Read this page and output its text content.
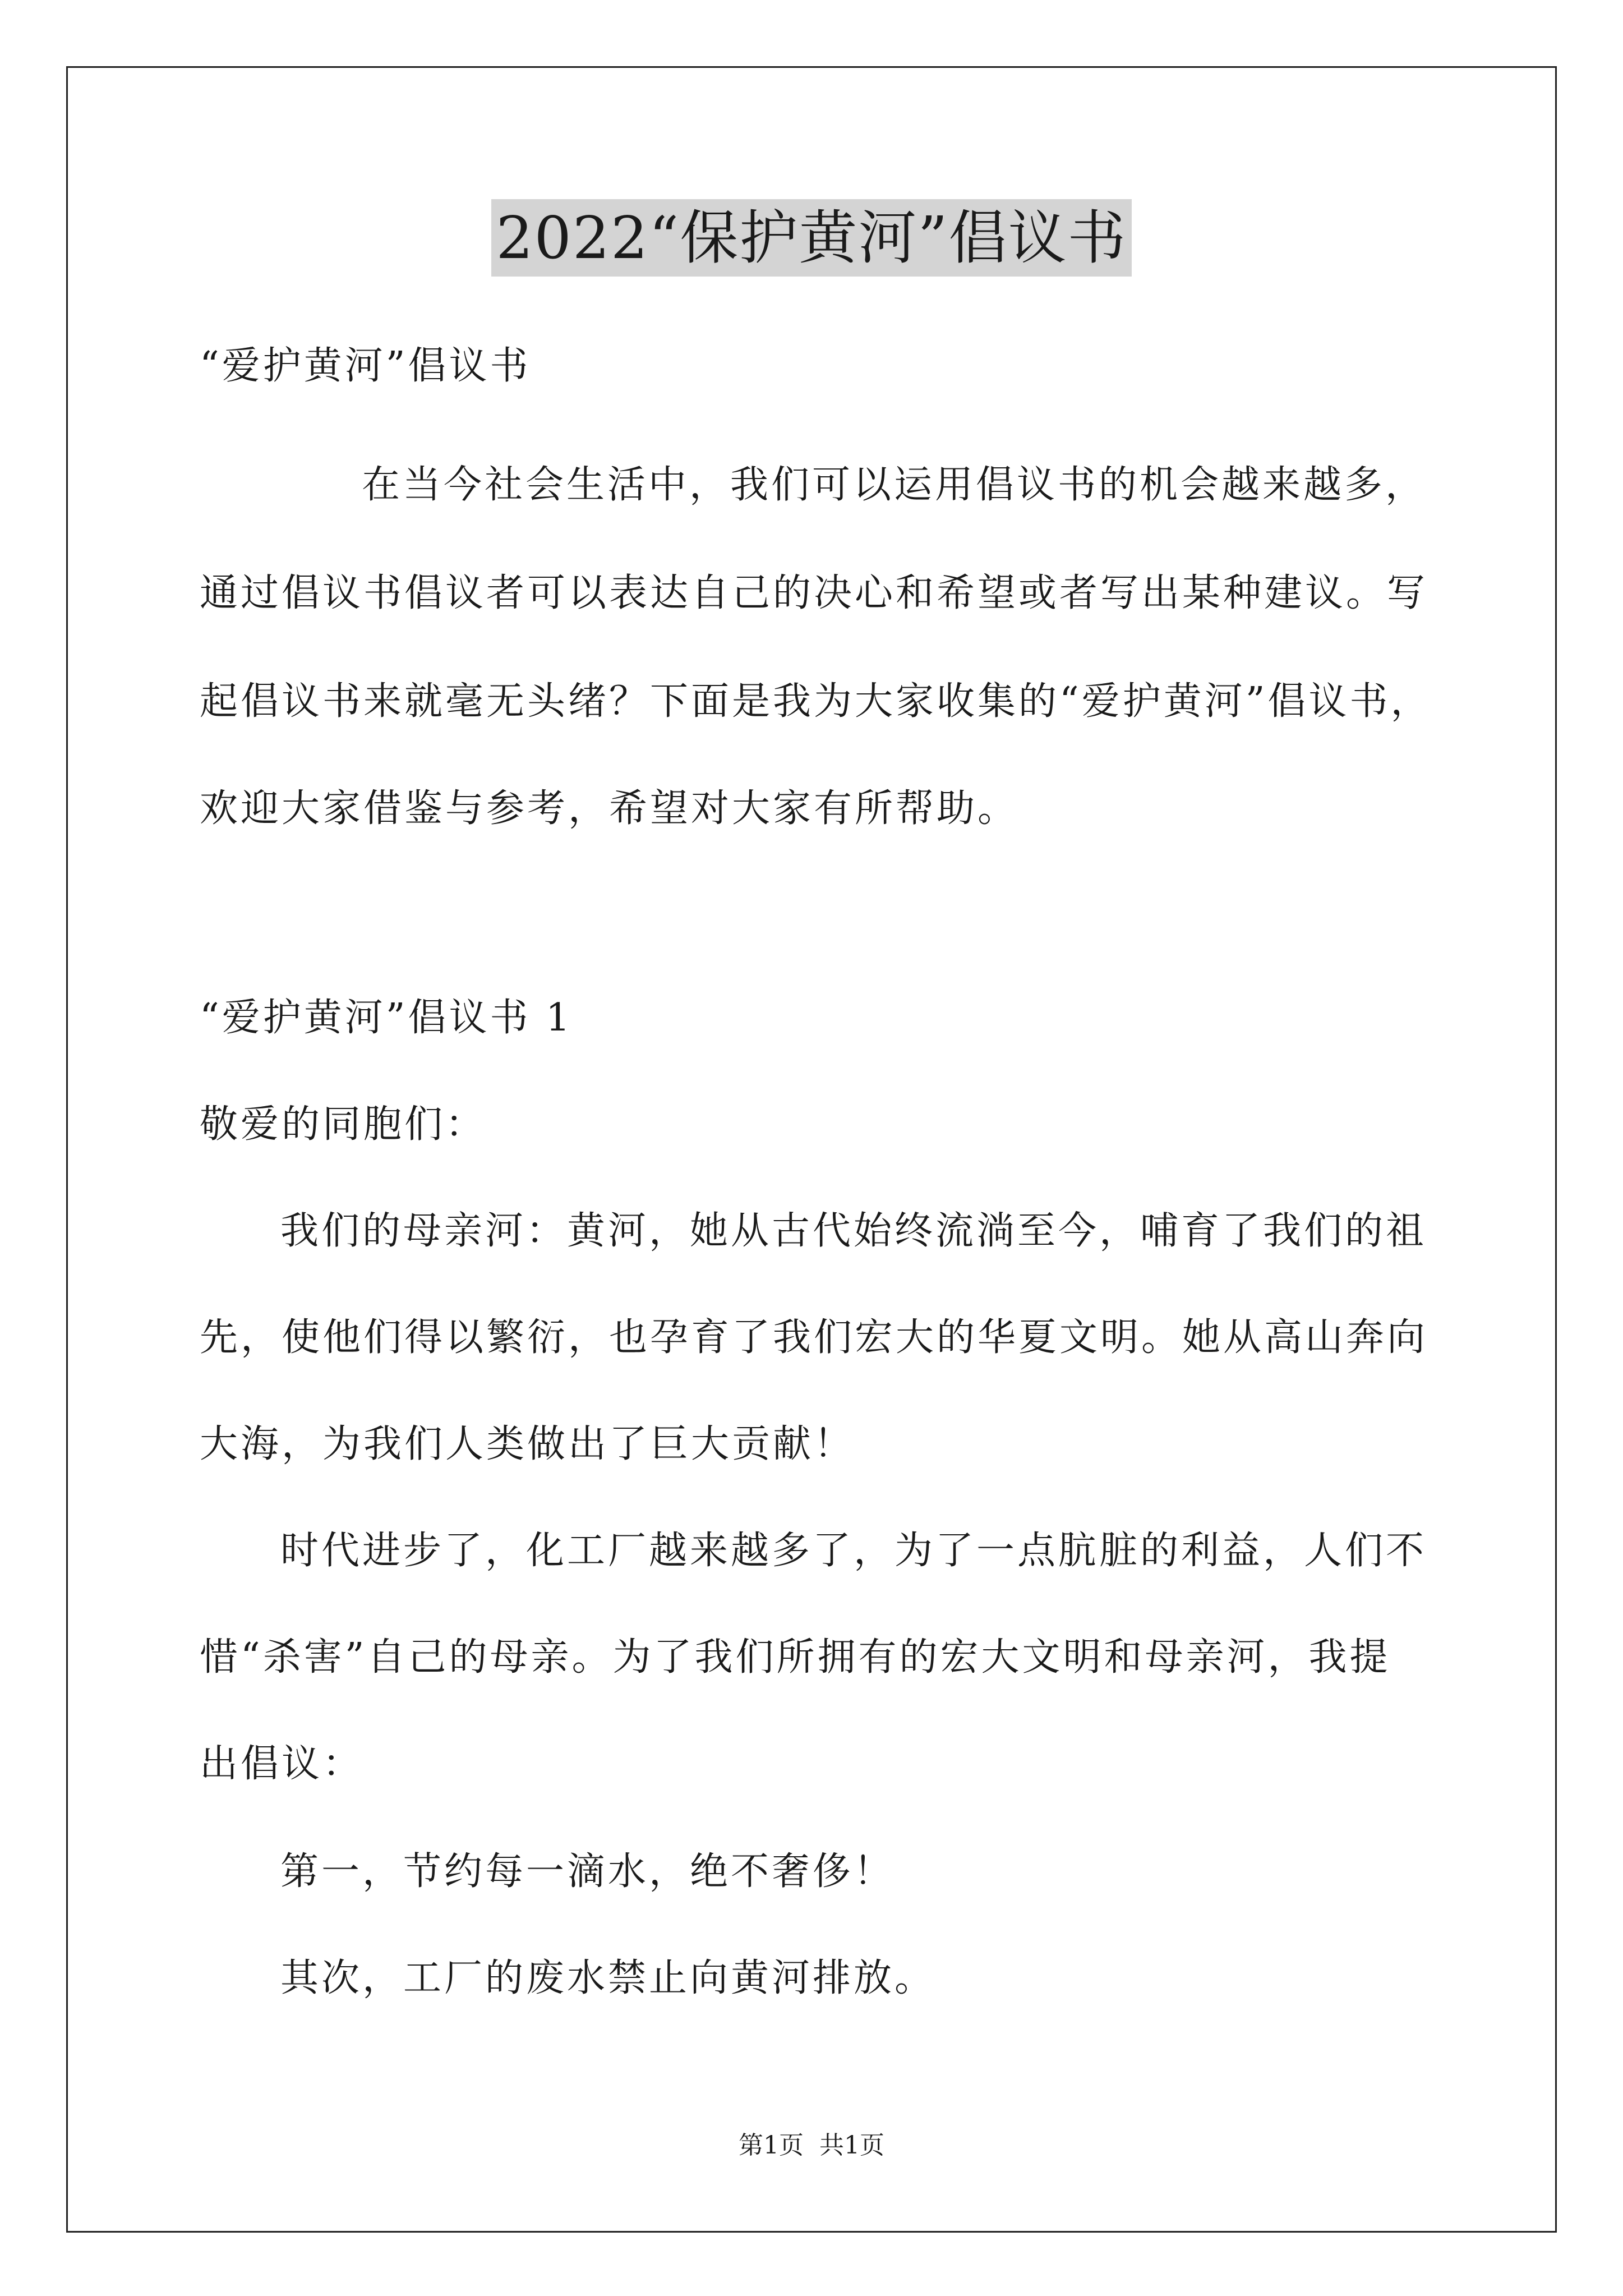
2022“保护黄河”倡议书
“爱护黄河”倡议书
在当今社会生活中，我们可以运用倡议书的机会越来越多，
通过倡议书倡议者可以表达自己的决心和希望或者写出某种建议。写
起倡议书来就毫无头绪？下面是我为大家收集的“爱护黄河”倡议书，
欢迎大家借鉴与参考，希望对大家有所帮助。
“爱护黄河”倡议书 1
敬爱的同胞们：
我们的母亲河：黄河，她从古代始终流淌至今，哺育了我们的祖
先，使他们得以繁衍，也孕育了我们宏大的华夏文明。她从高山奔向
大海，为我们人类做出了巨大贡献！
时代进步了，化工厂越来越多了，为了一点肮脏的利益，人们不
惜“杀害”自己的母亲。为了我们所拥有的宏大文明和母亲河，我提
出倡议：
第一，节约每一滴水，绝不奢侈！
其次，工厂的废水禁止向黄河排放。
第1页 共1页
